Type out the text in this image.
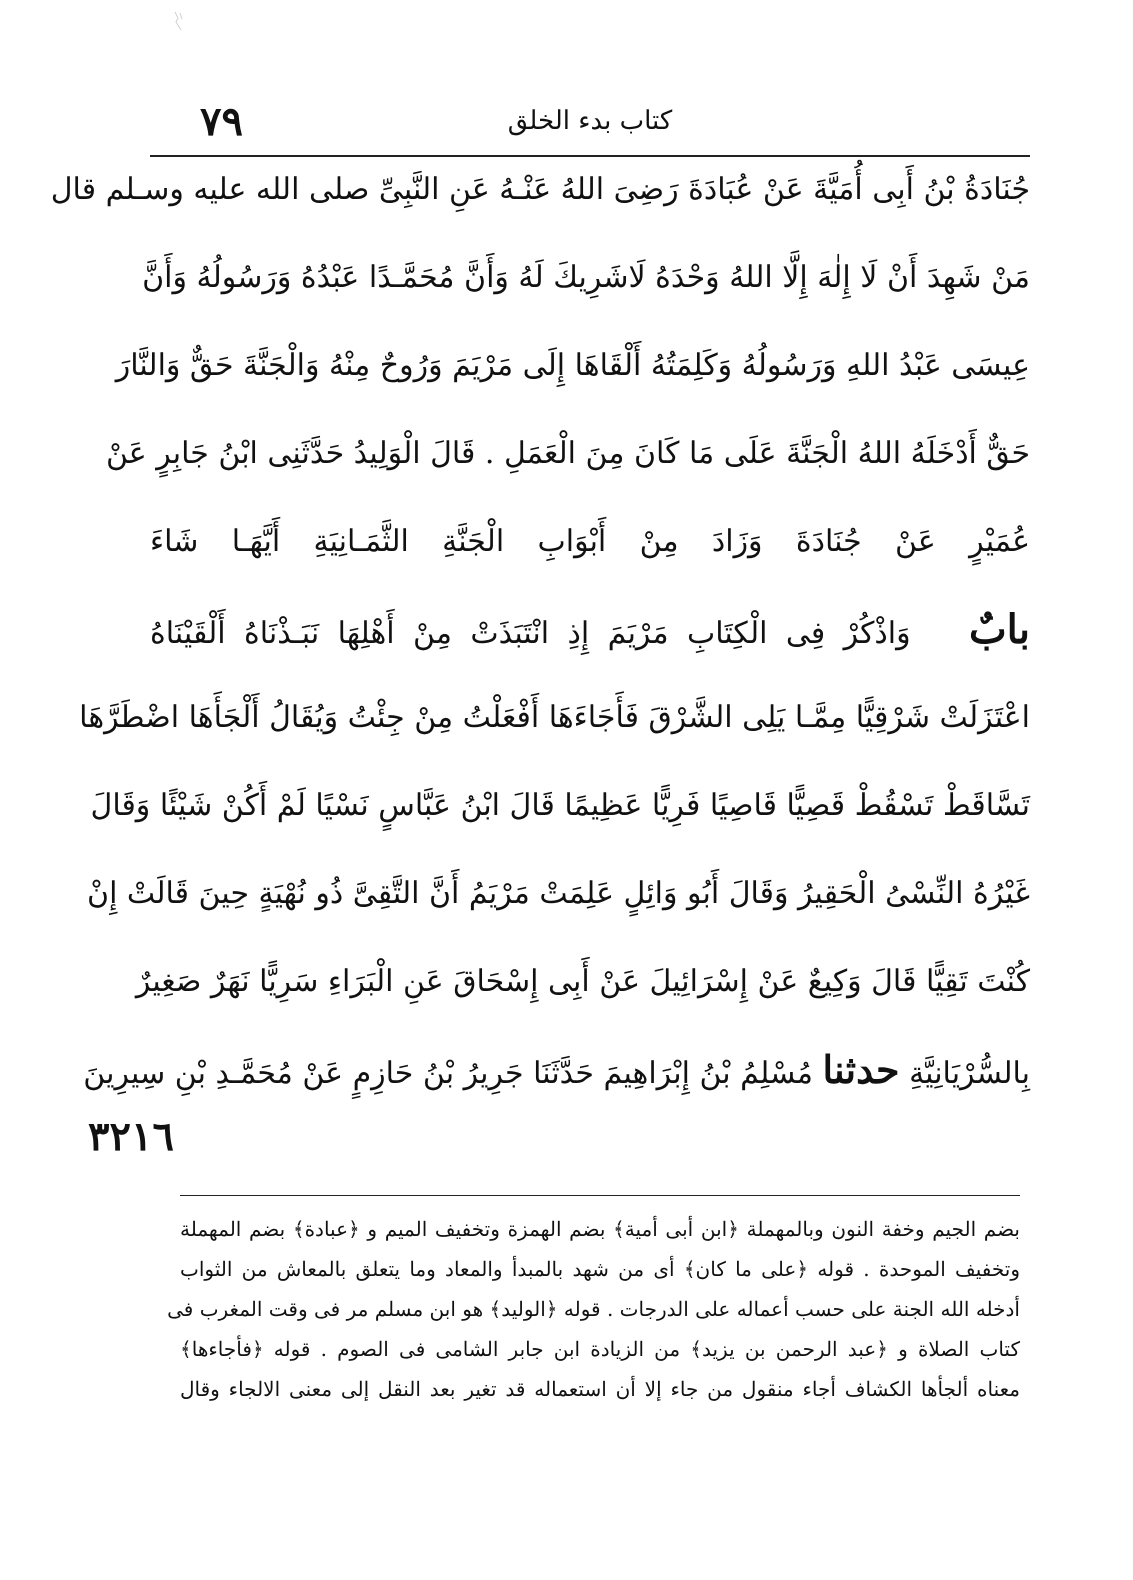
٧٩	كتاب بدء الخلق
جُنَادَةُ بْنُ أَبِى أُمَيَّةَ عَنْ عُبَادَةَ رَضِىَ اللهُ عَنْـهُ عَنِ النَّبِىِّ صلى الله عليه وسـلم قال
مَنْ شَهِدَ أَنْ لَا إِلٰهَ إِلَّا اللهُ وَحْدَهُ لَاشَرِيكَ لَهُ وَأَنَّ مُحَمَّـدًا عَبْدُهُ وَرَسُولُهُ وَأَنَّ
عِيسَى عَبْدُ اللهِ وَرَسُولُهُ وَكَلِمَتُهُ أَلْقَاهَا إِلَى مَرْيَمَ وَرُوحٌ مِنْهُ وَالْجَنَّةَ حَقٌّ وَالنَّارَ
حَقٌّ أَدْخَلَهُ اللهُ الْجَنَّةَ عَلَى مَا كَانَ مِنَ الْعَمَلِ . قَالَ الْوَلِيدُ حَدَّثَنِى ابْنُ جَابِرٍ عَنْ
عُمَيْرٍ عَنْ جُنَادَةَ وَزَادَ مِنْ أَبْوَابِ الْجَنَّةِ الثَّمَـانِيَةِ أَيَّهَـا شَاءَ
بابٌ وَاذْكُرْ فِى الْكِتَابِ مَرْيَمَ إِذِ انْتَبَذَتْ مِنْ أَهْلِهَا نَبَـذْنَاهُ أَلْقَيْنَاهُ
اعْتَزَلَتْ شَرْقِيًّا مِمَّـا يَلِى الشَّرْقَ فَأَجَاءَهَا أَفْعَلْتُ مِنْ جِئْتُ وَيُقَالُ أَلْجَأَهَا اضْطَرَّهَا
تَسَّاقَطْ تَسْقُطْ قَصِيًّا قَاصِيًا فَرِيًّا عَظِيمًا قَالَ ابْنُ عَبَّاسٍ نَسْيًا لَمْ أَكُنْ شَيْئًا وَقَالَ
غَيْرُهُ النِّسْىُ الْحَقِيرُ وَقَالَ أَبُو وَائِلٍ عَلِمَتْ مَرْيَمُ أَنَّ التَّقِىَّ ذُو نُهْيَةٍ حِينَ قَالَتْ إِنْ
كُنْتَ تَقِيًّا قَالَ وَكِيعٌ عَنْ إِسْرَائِيلَ عَنْ أَبِى إِسْحَاقَ عَنِ الْبَرَاءِ سَرِيًّا نَهَرٌ صَغِيرٌ
بِالسُّرْيَانِيَّةِ حدثنا مُسْلِمُ بْنُ إِبْرَاهِيمَ حَدَّثَنَا جَرِيرُ بْنُ حَازِمٍ عَنْ مُحَمَّـدِ بْنِ سِيرِينَ
٣٢١٦
بضم الجيم وخفة النون وبالمهملة ﴿ابن أبى أمية﴾ بضم الهمزة وتخفيف الميم و ﴿عبادة﴾ بضم المهملة
وتخفيف الموحدة . قوله ﴿على ما كان﴾ أى من شهد بالمبدأ والمعاد وما يتعلق بالمعاش من الثواب
أدخله الله الجنة على حسب أعماله على الدرجات . قوله ﴿الوليد﴾ هو ابن مسلم مر فى وقت المغرب فى
كتاب الصلاة و ﴿عبد الرحمن بن يزيد﴾ من الزيادة ابن جابر الشامى فى الصوم . قوله ﴿فأجاءها﴾
معناه ألجأها الكشاف أجاء منقول من جاء إلا أن استعماله قد تغير بعد النقل إلى معنى الالجاء وقال
